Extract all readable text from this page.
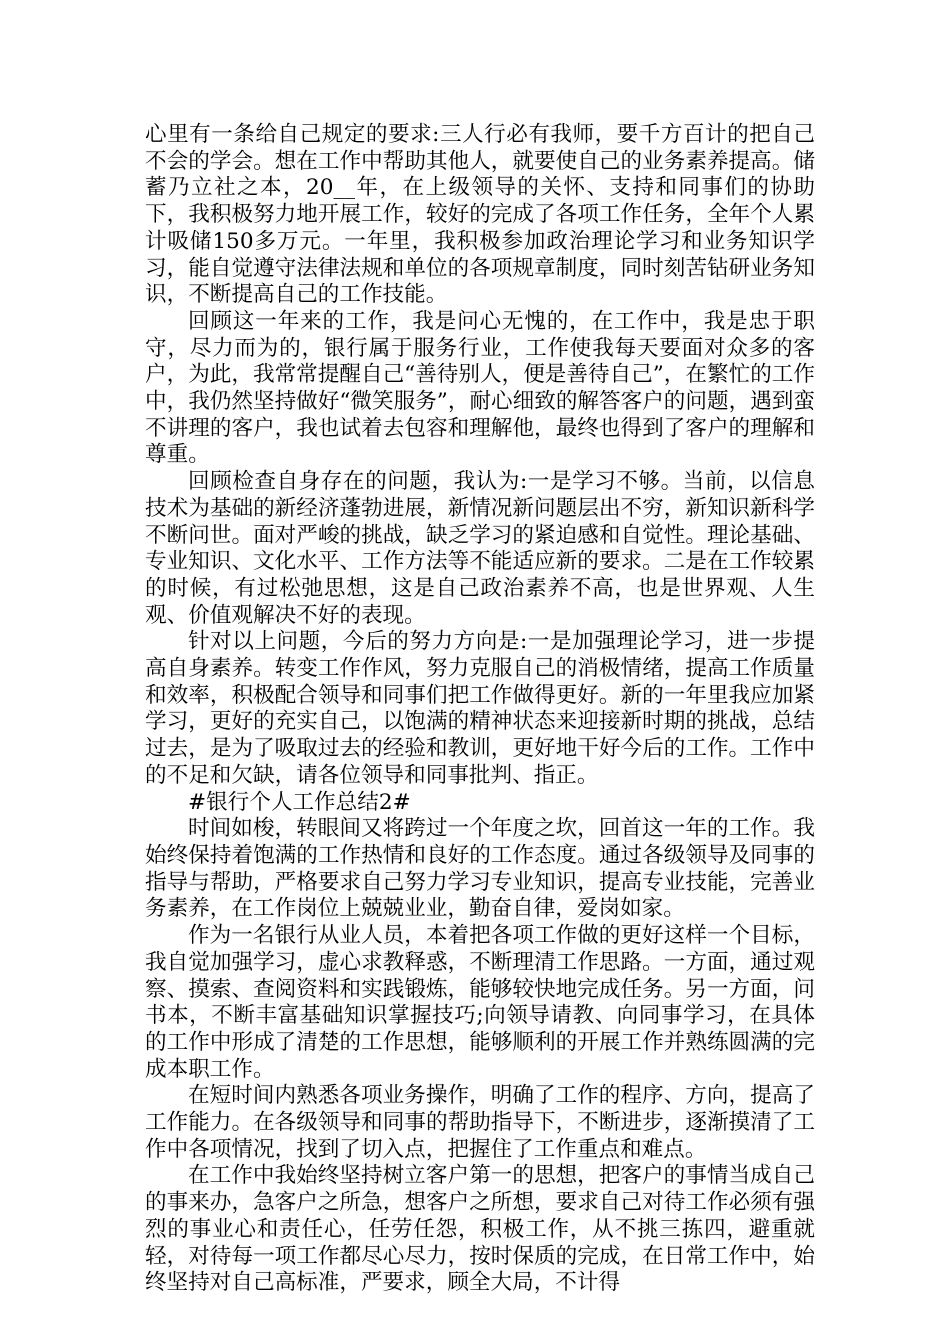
心里有一条给自己规定的要求:三人行必有我师，要千方百计的把自己不会的学会。想在工作中帮助其他人，就要使自己的业务素养提高。储蓄乃立社之本，20__年，在上级领导的关怀、支持和同事们的协助下，我积极努力地开展工作，较好的完成了各项工作任务，全年个人累计吸储150多万元。一年里，我积极参加政治理论学习和业务知识学习，能自觉遵守法律法规和单位的各项规章制度，同时刻苦钻研业务知识，不断提高自己的工作技能。

回顾这一年来的工作，我是问心无愧的，在工作中，我是忠于职守，尽力而为的，银行属于服务行业，工作使我每天要面对众多的客户，为此，我常常提醒自己“善待别人，便是善待自己”，在繁忙的工作中，我仍然坚持做好“微笑服务”，耐心细致的解答客户的问题，遇到蛮不讲理的客户，我也试着去包容和理解他，最终也得到了客户的理解和尊重。

回顾检查自身存在的问题，我认为:一是学习不够。当前，以信息技术为基础的新经济蓬勃进展，新情况新问题层出不穷，新知识新科学不断问世。面对严峻的挑战，缺乏学习的紧迫感和自觉性。理论基础、专业知识、文化水平、工作方法等不能适应新的要求。二是在工作较累的时候，有过松弛思想，这是自己政治素养不高，也是世界观、人生观、价值观解决不好的表现。

针对以上问题，今后的努力方向是:一是加强理论学习，进一步提高自身素养。转变工作作风，努力克服自己的消极情绪，提高工作质量和效率，积极配合领导和同事们把工作做得更好。新的一年里我应加紧学习，更好的充实自己，以饱满的精神状态来迎接新时期的挑战，总结过去，是为了吸取过去的经验和教训，更好地干好今后的工作。工作中的不足和欠缺，请各位领导和同事批判、指正。

#银行个人工作总结2#

时间如梭，转眼间又将跨过一个年度之坎，回首这一年的工作。我始终保持着饱满的工作热情和良好的工作态度。通过各级领导及同事的指导与帮助，严格要求自己努力学习专业知识，提高专业技能，完善业务素养，在工作岗位上兢兢业业，勤奋自律，爱岗如家。

作为一名银行从业人员，本着把各项工作做的更好这样一个目标，我自觉加强学习，虚心求教释惑，不断理清工作思路。一方面，通过观察、摸索、查阅资料和实践锻炼，能够较快地完成任务。另一方面，问书本，不断丰富基础知识掌握技巧;向领导请教、向同事学习，在具体的工作中形成了清楚的工作思想，能够顺利的开展工作并熟练圆满的完成本职工作。

在短时间内熟悉各项业务操作，明确了工作的程序、方向，提高了工作能力。在各级领导和同事的帮助指导下，不断进步，逐渐摸清了工作中各项情况，找到了切入点，把握住了工作重点和难点。

在工作中我始终坚持树立客户第一的思想，把客户的事情当成自己的事来办，急客户之所急，想客户之所想，要求自己对待工作必须有强烈的事业心和责任心，任劳任怨，积极工作，从不挑三拣四，避重就轻，对待每一项工作都尽心尽力，按时保质的完成，在日常工作中，始终坚持对自己高标准，严要求，顾全大局，不计得
